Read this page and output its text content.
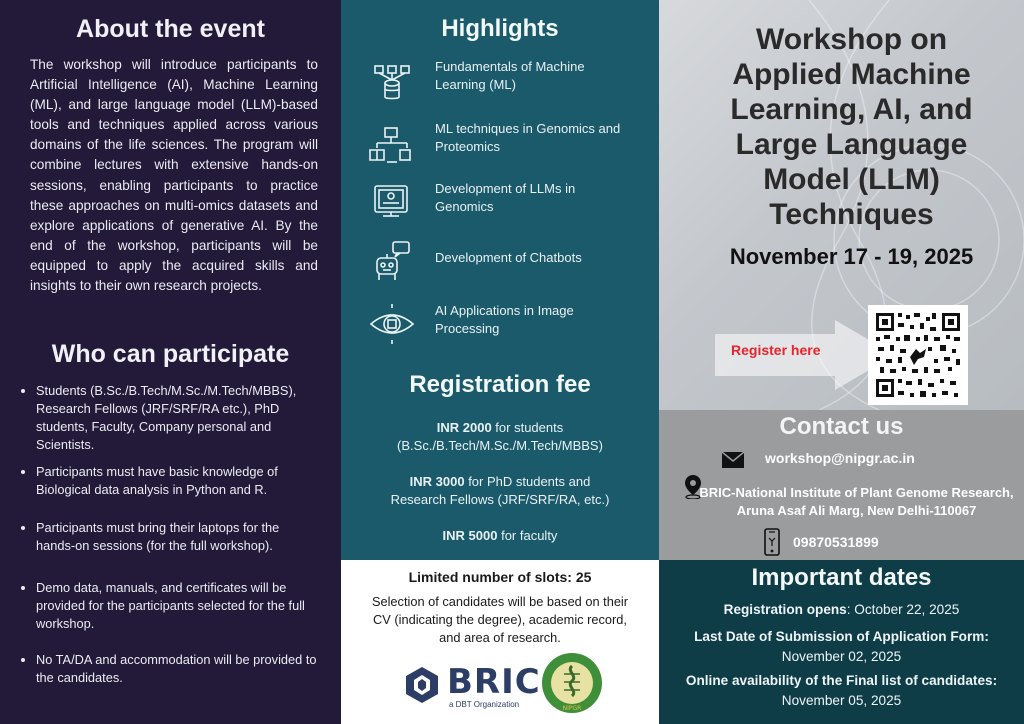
About the event
The workshop will introduce participants to Artificial Intelligence (AI), Machine Learning (ML), and large language model (LLM)-based tools and techniques applied across various domains of the life sciences. The program will combine lectures with extensive hands-on sessions, enabling participants to practice these approaches on multi-omics datasets and explore applications of generative AI. By the end of the workshop, participants will be equipped to apply the acquired skills and insights to their own research projects.
Who can participate
• Students (B.Sc./B.Tech/M.Sc./M.Tech/MBBS), Research Fellows (JRF/SRF/RA etc.), PhD students, Faculty, Company personal and Scientists.
• Participants must have basic knowledge of Biological data analysis in Python and R.
• Participants must bring their laptops for the hands-on sessions (for the full workshop).
• Demo data, manuals, and certificates will be provided for the participants selected for the full workshop.
• No TA/DA and accommodation will be provided to the candidates.
Highlights
Fundamentals of Machine Learning (ML)
ML techniques in Genomics and Proteomics
Development of LLMs in Genomics
Development of Chatbots
AI Applications in Image Processing
Registration fee
INR 2000 for students (B.Sc./B.Tech/M.Sc./M.Tech/MBBS)
INR 3000 for PhD students and Research Fellows (JRF/SRF/RA, etc.)
INR 5000 for faculty
Limited number of slots: 25
Selection of candidates will be based on their CV (indicating the degree), academic record, and area of research.
BRIC
a DBT Organization	NIPGR
Workshop on Applied Machine Learning, AI, and Large Language Model (LLM) Techniques
November 17 - 19, 2025
Register here
Contact us
workshop@nipgr.ac.in
BRIC-National Institute of Plant Genome Research, Aruna Asaf Ali Marg, New Delhi-110067
09870531899
Important dates
Registration opens: October 22, 2025
Last Date of Submission of Application Form: November 02, 2025
Online availability of the Final list of candidates: November 05, 2025
